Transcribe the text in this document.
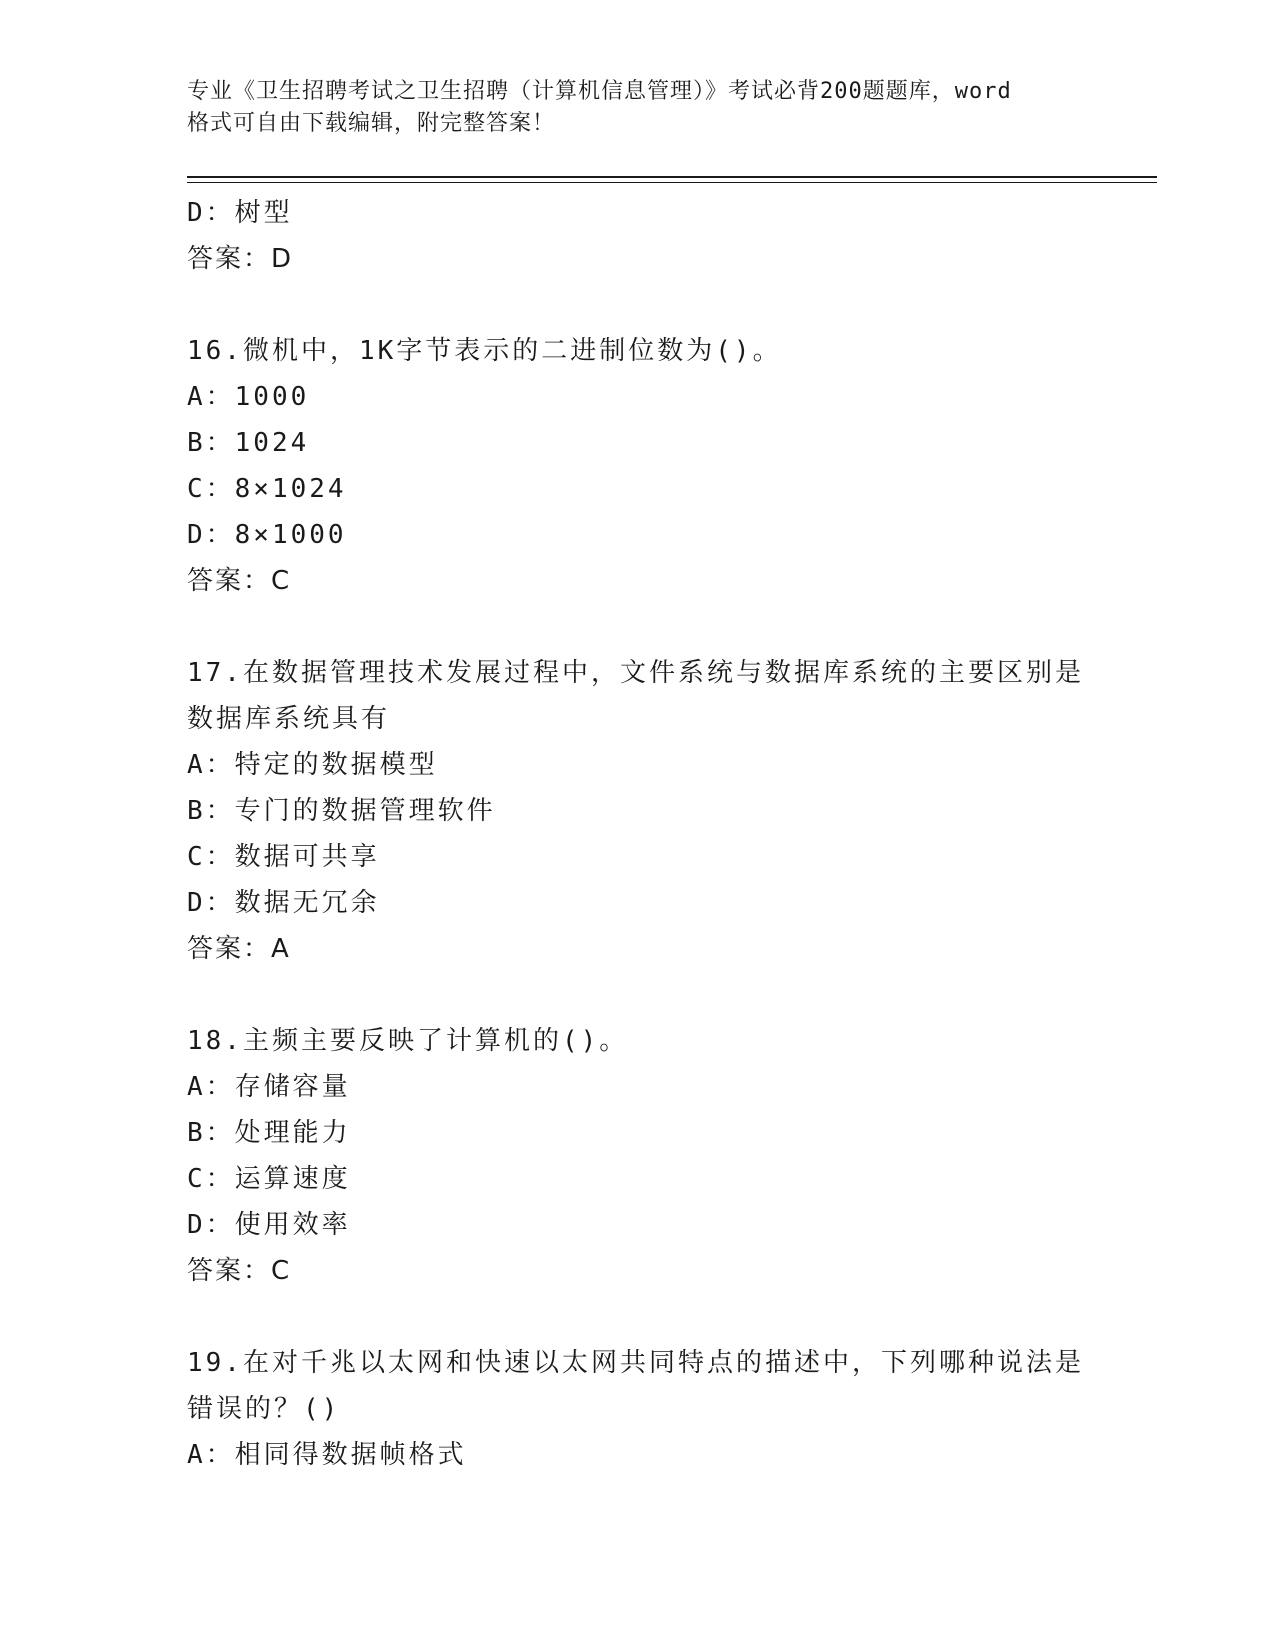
专业《卫生招聘考试之卫生招聘（计算机信息管理）》考试必背200题题库，word
格式可自由下载编辑，附完整答案！
D：树型
答案：D
16.微机中，1K字节表示的二进制位数为()。
A：1000
B：1024
C：8×1024
D：8×1000
答案：C
17.在数据管理技术发展过程中，文件系统与数据库系统的主要区别是
数据库系统具有
A：特定的数据模型
B：专门的数据管理软件
C：数据可共享
D：数据无冗余
答案：A
18.主频主要反映了计算机的()。
A：存储容量
B：处理能力
C：运算速度
D：使用效率
答案：C
19.在对千兆以太网和快速以太网共同特点的描述中，下列哪种说法是
错误的？()
A：相同得数据帧格式
